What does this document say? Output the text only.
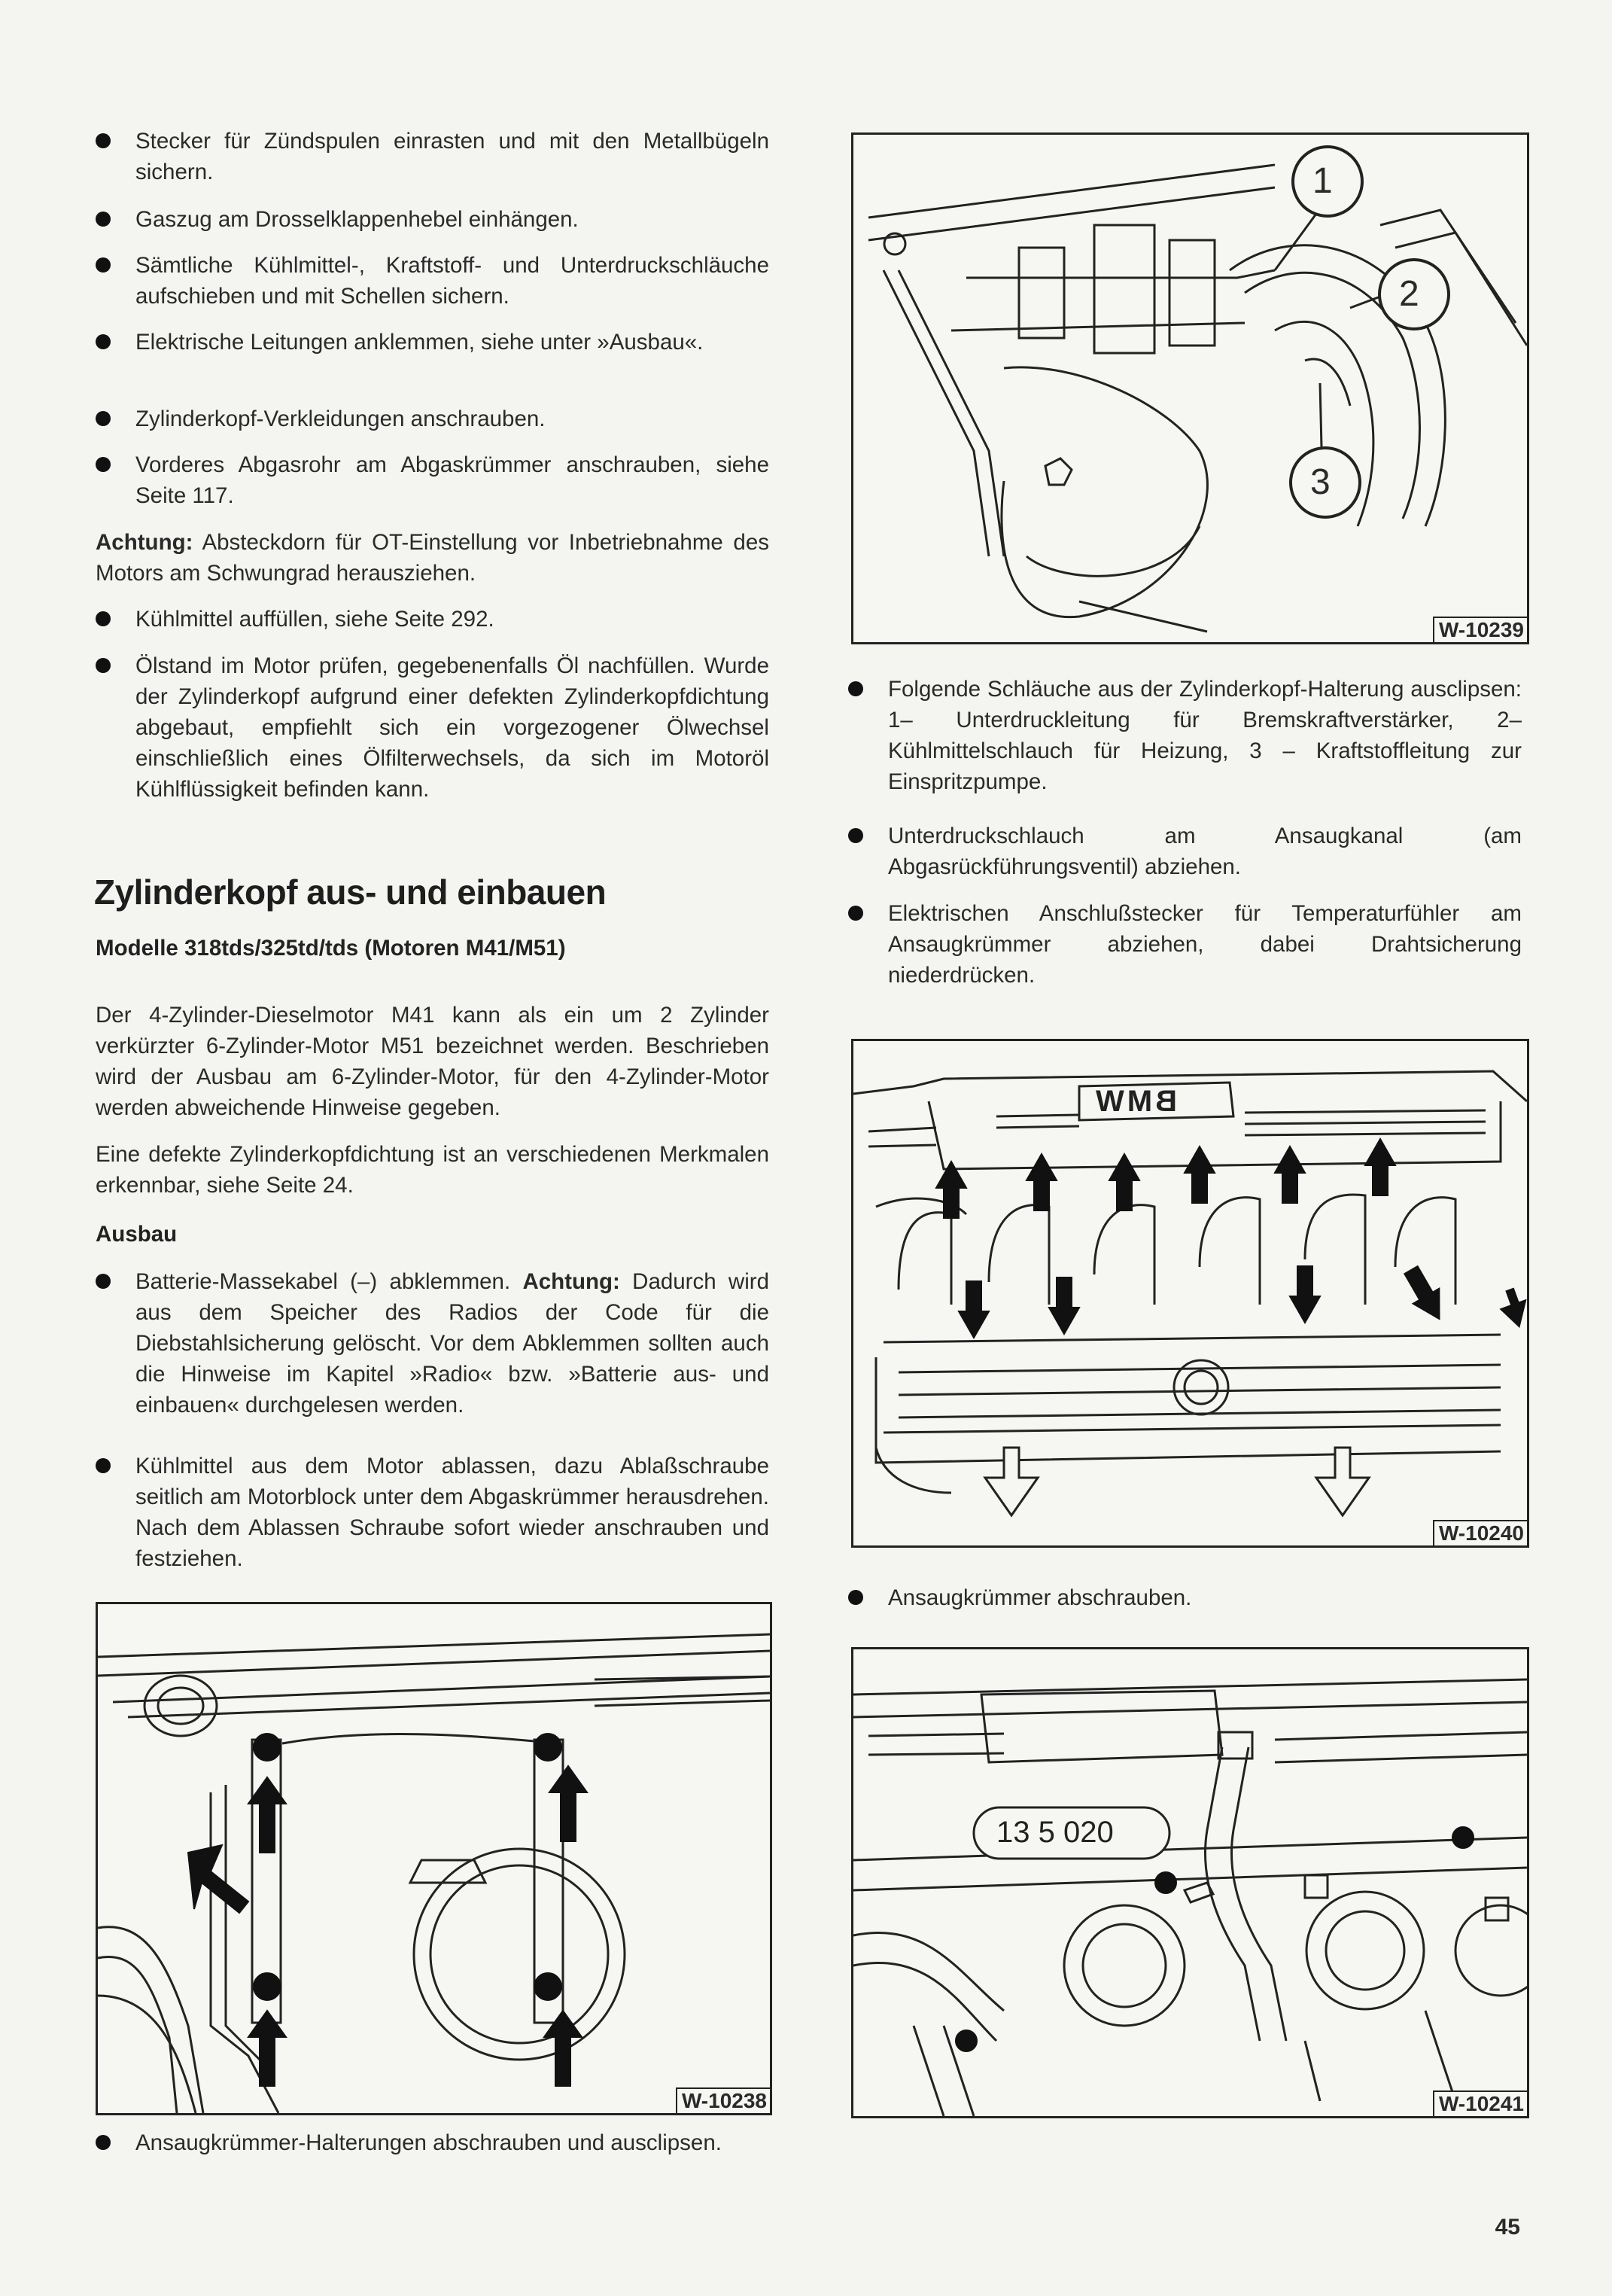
Stecker für Zündspulen einrasten und mit den Metallbügeln sichern.
Gaszug am Drosselklappenhebel einhängen.
Sämtliche Kühlmittel-, Kraftstoff- und Unterdruckschläuche aufschieben und mit Schellen sichern.
Elektrische Leitungen anklemmen, siehe unter »Ausbau«.
Zylinderkopf-Verkleidungen anschrauben.
Vorderes Abgasrohr am Abgaskrümmer anschrauben, siehe Seite 117.
Achtung: Absteckdorn für OT-Einstellung vor Inbetriebnahme des Motors am Schwungrad herausziehen.
Kühlmittel auffüllen, siehe Seite 292.
Ölstand im Motor prüfen, gegebenenfalls Öl nachfüllen. Wurde der Zylinderkopf aufgrund einer defekten Zylinderkopfdichtung abgebaut, empfiehlt sich ein vorgezogener Ölwechsel einschließlich eines Ölfilterwechsels, da sich im Motoröl Kühlflüssigkeit befinden kann.
Zylinderkopf aus- und einbauen
Modelle 318tds/325td/tds (Motoren M41/M51)
Der 4-Zylinder-Dieselmotor M41 kann als ein um 2 Zylinder verkürzter 6-Zylinder-Motor M51 bezeichnet werden. Beschrieben wird der Ausbau am 6-Zylinder-Motor, für den 4-Zylinder-Motor werden abweichende Hinweise gegeben.
Eine defekte Zylinderkopfdichtung ist an verschiedenen Merkmalen erkennbar, siehe Seite 24.
Ausbau
Batterie-Massekabel (–) abklemmen. Achtung: Dadurch wird aus dem Speicher des Radios der Code für die Diebstahlsicherung gelöscht. Vor dem Abklemmen sollten auch die Hinweise im Kapitel »Radio« bzw. »Batterie aus- und einbauen« durchgelesen werden.
Kühlmittel aus dem Motor ablassen, dazu Ablaßschraube seitlich am Motorblock unter dem Abgaskrümmer herausdrehen. Nach dem Ablassen Schraube sofort wieder anschrauben und festziehen.
W-10238
Ansaugkrümmer-Halterungen abschrauben und ausclipsen.
1
2
3
W-10239
Folgende Schläuche aus der Zylinderkopf-Halterung ausclipsen: 1– Unterdruckleitung für Bremskraftverstärker, 2– Kühlmittelschlauch für Heizung, 3 – Kraftstoffleitung zur Einspritzpumpe.
Unterdruckschlauch am Ansaugkanal (am Abgasrückführungsventil) abziehen.
Elektrischen Anschlußstecker für Temperaturfühler am Ansaugkrümmer abziehen, dabei Drahtsicherung niederdrücken.
BMW
W-10240
Ansaugkrümmer abschrauben.
13 5 020
W-10241
45
